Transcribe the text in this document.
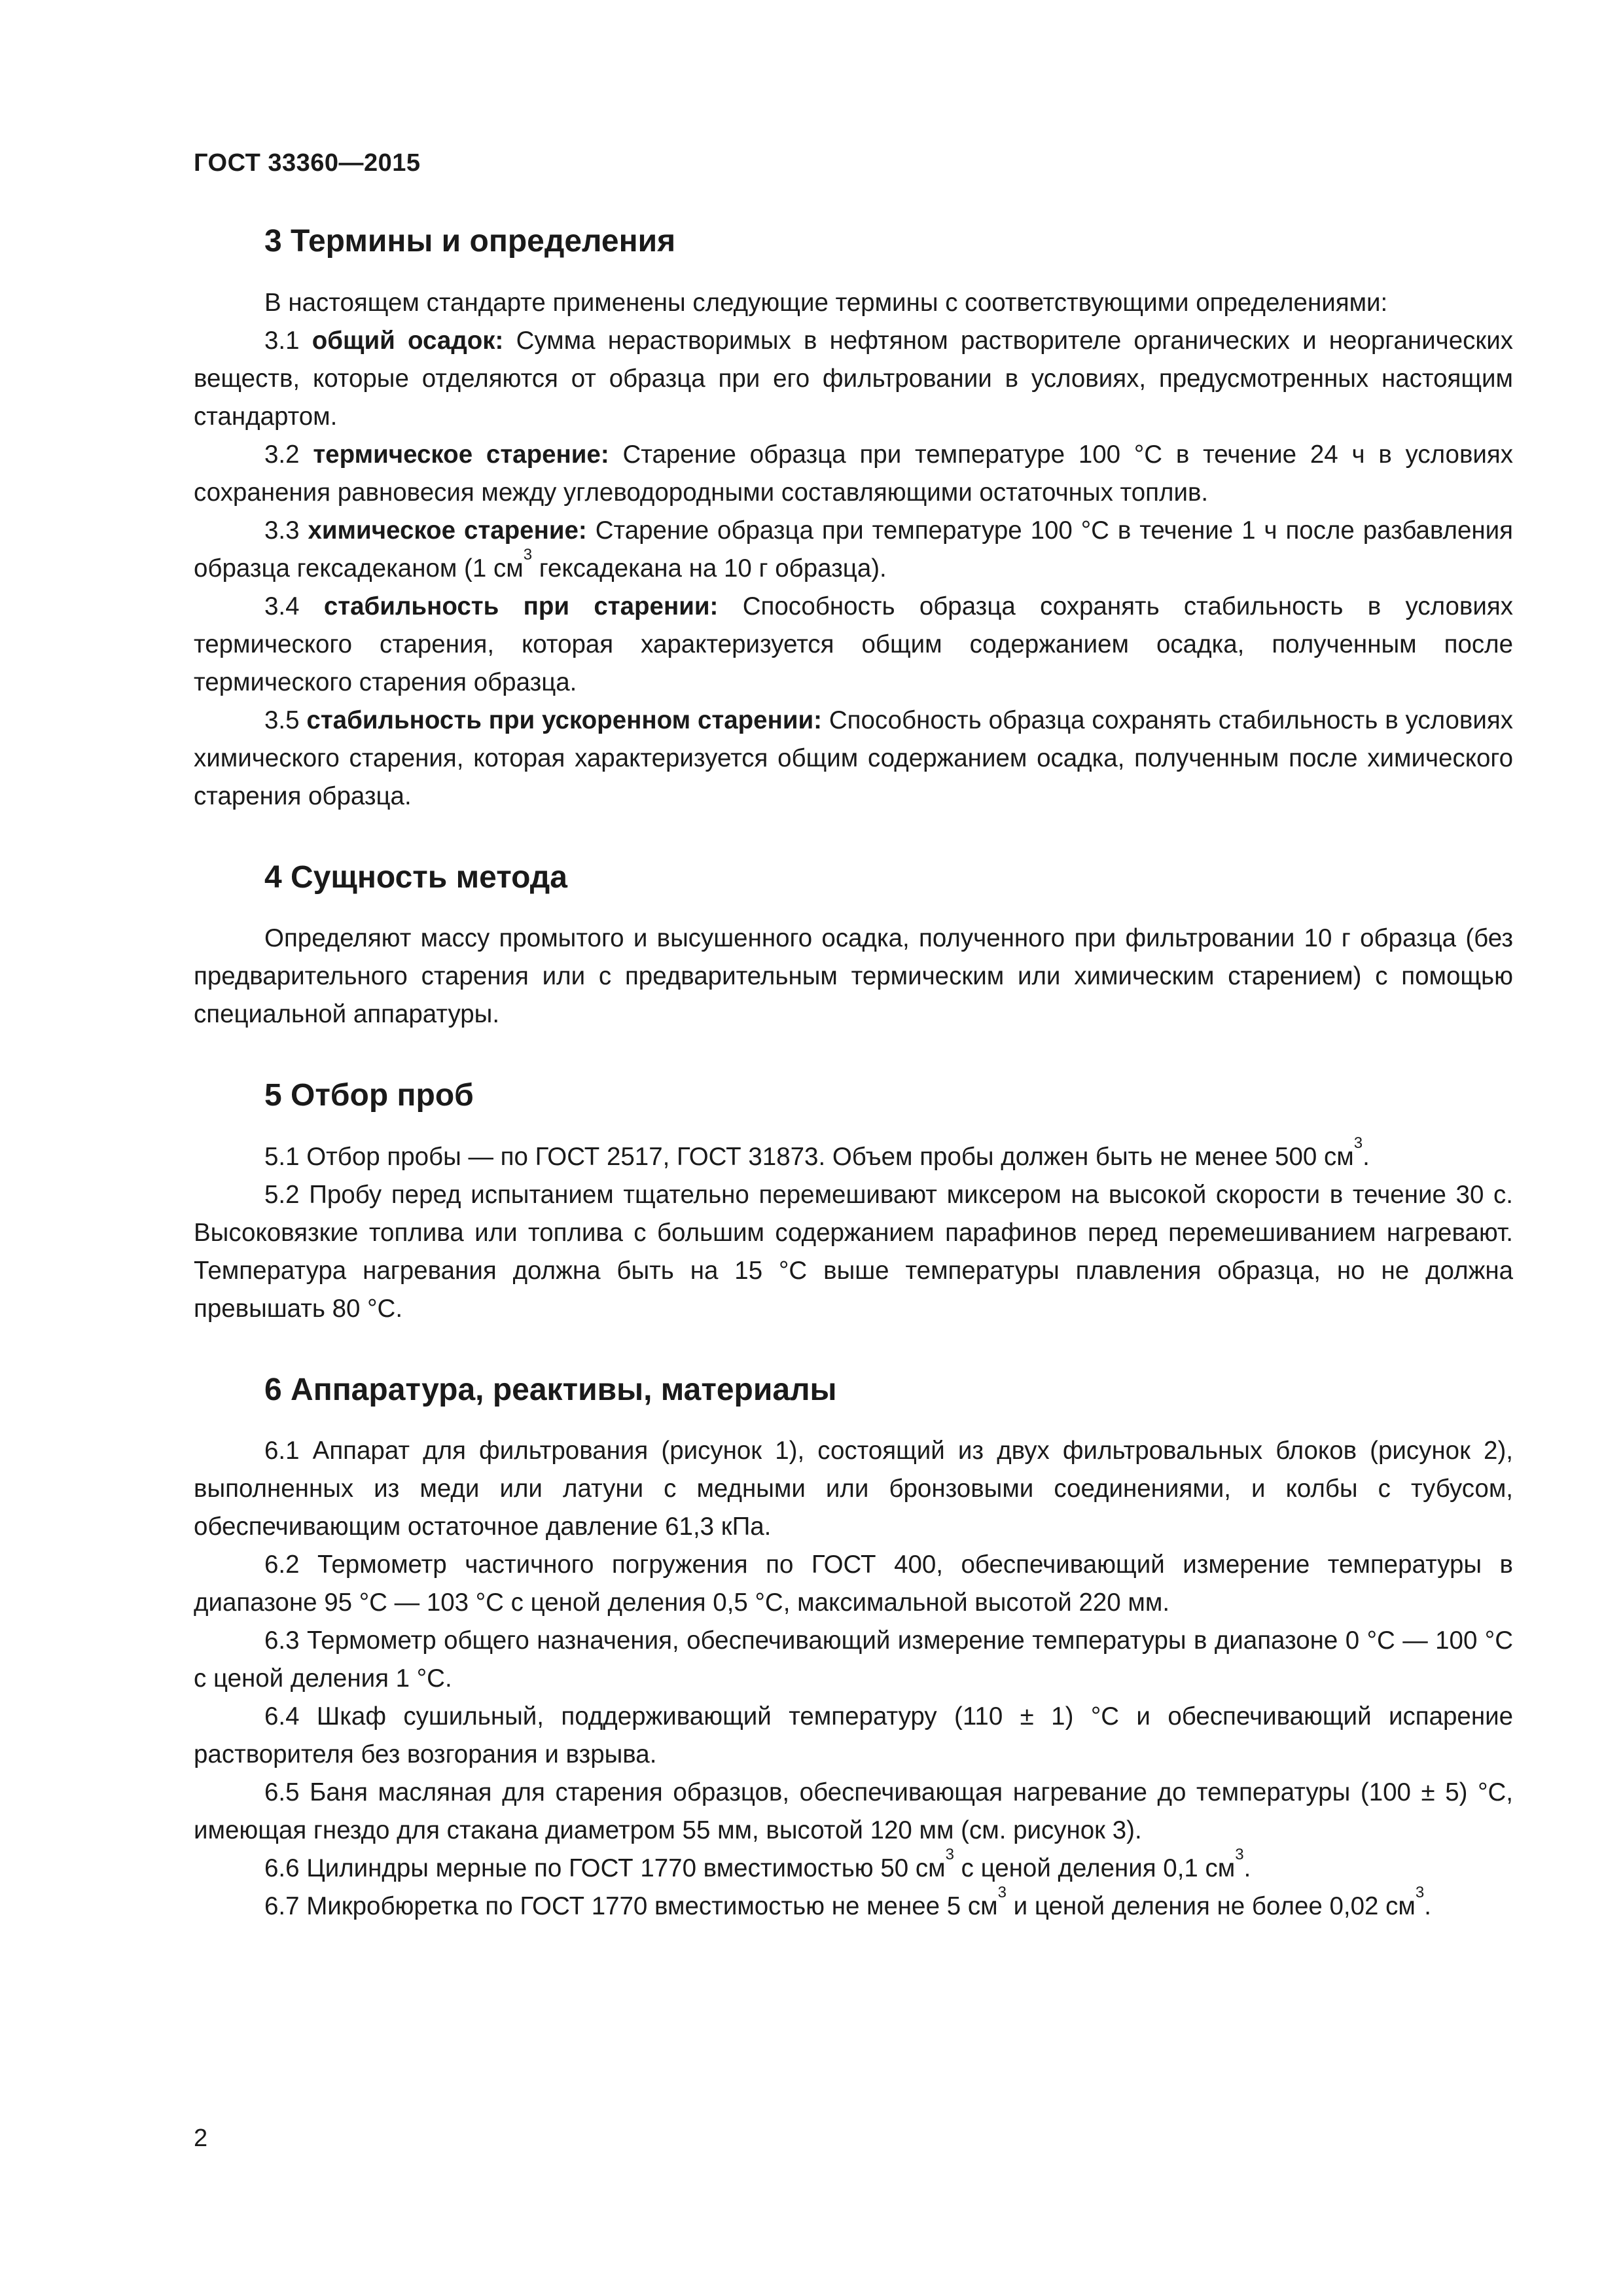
ГОСТ 33360—2015
3 Термины и определения

В настоящем стандарте применены следующие термины с соответствующими определениями:

3.1 общий осадок: Сумма нерастворимых в нефтяном растворителе органических и неорганических веществ, которые отделяются от образца при его фильтровании в условиях, предусмотренных настоящим стандартом.

3.2 термическое старение: Старение образца при температуре 100 °С в течение 24 ч в условиях сохранения равновесия между углеводородными составляющими остаточных топлив.

3.3 химическое старение: Старение образца при температуре 100 °С в течение 1 ч после разбавления образца гексадеканом (1 $см^3$ гексадекана на 10 г образца).

3.4 стабильность при старении: Способность образца сохранять стабильность в условиях термического старения, которая характеризуется общим содержанием осадка, полученным после термического старения образца.

3.5 стабильность при ускоренном старении: Способность образца сохранять стабильность в условиях химического старения, которая характеризуется общим содержанием осадка, полученным после химического старения образца.

4 Сущность метода

Определяют массу промытого и высушенного осадка, полученного при фильтровании 10 г образца (без предварительного старения или с предварительным термическим или химическим старением) с помощью специальной аппаратуры.

5 Отбор проб

5.1 Отбор пробы — по ГОСТ 2517, ГОСТ 31873. Объем пробы должен быть не менее 500 $см^3$.

5.2 Пробу перед испытанием тщательно перемешивают миксером на высокой скорости в течение 30 с. Высоковязкие топлива или топлива с большим содержанием парафинов перед перемешиванием нагревают. Температура нагревания должна быть на 15 °С выше температуры плавления образца, но не должна превышать 80 °С.

6 Аппаратура, реактивы, материалы

6.1 Аппарат для фильтрования (рисунок 1), состоящий из двух фильтровальных блоков (рисунок 2), выполненных из меди или латуни с медными или бронзовыми соединениями, и колбы с тубусом, обеспечивающим остаточное давление 61,3 кПа.

6.2 Термометр частичного погружения по ГОСТ 400, обеспечивающий измерение температуры в диапазоне 95 °С — 103 °С с ценой деления 0,5 °С, максимальной высотой 220 мм.

6.3 Термометр общего назначения, обеспечивающий измерение температуры в диапазоне 0 °С — 100 °С с ценой деления 1 °С.

6.4 Шкаф сушильный, поддерживающий температуру (110 ± 1) °С и обеспечивающий испарение растворителя без возгорания и взрыва.

6.5 Баня масляная для старения образцов, обеспечивающая нагревание до температуры (100 ± 5) °С, имеющая гнездо для стакана диаметром 55 мм, высотой 120 мм (см. рисунок 3).

6.6 Цилиндры мерные по ГОСТ 1770 вместимостью 50 $см^3$ с ценой деления 0,1 $см^3$.

6.7 Микробюретка по ГОСТ 1770 вместимостью не менее 5 $см^3$ и ценой деления не более 0,02 $см^3$.

2
